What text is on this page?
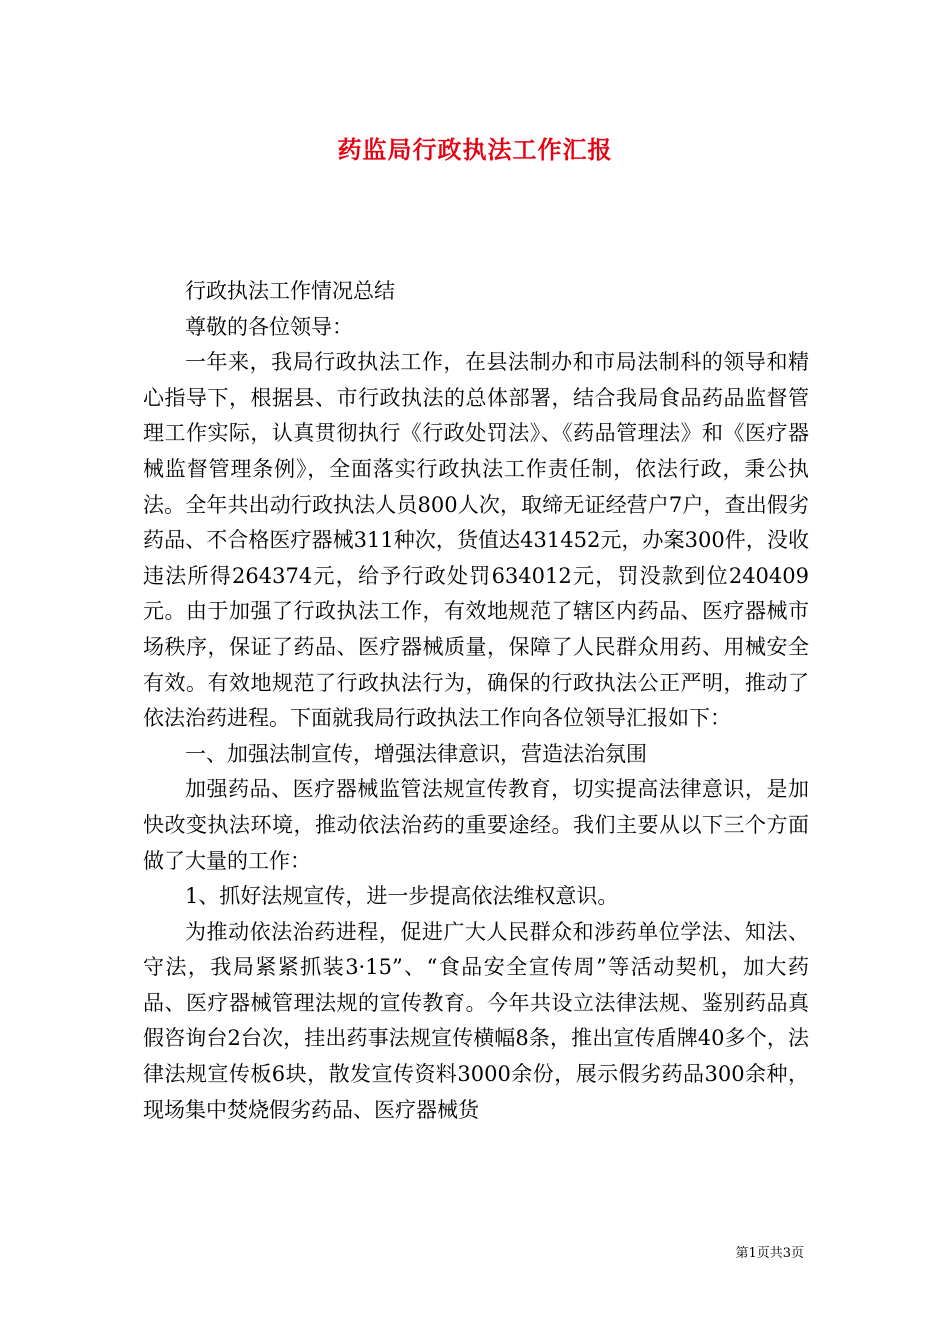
药监局行政执法工作汇报

行政执法工作情况总结

尊敬的各位领导：

一年来，我局行政执法工作，在县法制办和市局法制科的领导和精心指导下，根据县、市行政执法的总体部署，结合我局食品药品监督管理工作实际，认真贯彻执行《行政处罚法》、《药品管理法》和《医疗器械监督管理条例》，全面落实行政执法工作责任制，依法行政，秉公执法。全年共出动行政执法人员800人次，取缔无证经营户7户，查出假劣药品、不合格医疗器械311种次，货值达431452元，办案300件，没收违法所得264374元，给予行政处罚634012元，罚没款到位240409元。由于加强了行政执法工作，有效地规范了辖区内药品、医疗器械市场秩序，保证了药品、医疗器械质量，保障了人民群众用药、用械安全有效。有效地规范了行政执法行为，确保的行政执法公正严明，推动了依法治药进程。下面就我局行政执法工作向各位领导汇报如下：

一、加强法制宣传，增强法律意识，营造法治氛围

加强药品、医疗器械监管法规宣传教育，切实提高法律意识，是加快改变执法环境，推动依法治药的重要途经。我们主要从以下三个方面做了大量的工作：

1、抓好法规宣传，进一步提高依法维权意识。

为推动依法治药进程，促进广大人民群众和涉药单位学法、知法、守法，我局紧紧抓装3·15”、“食品安全宣传周”等活动契机，加大药品、医疗器械管理法规的宣传教育。今年共设立法律法规、鉴别药品真假咨询台2台次，挂出药事法规宣传横幅8条，推出宣传盾牌40多个，法律法规宣传板6块，散发宣传资料3000余份，展示假劣药品300余种，现场集中焚烧假劣药品、医疗器械货

第1页共3页
